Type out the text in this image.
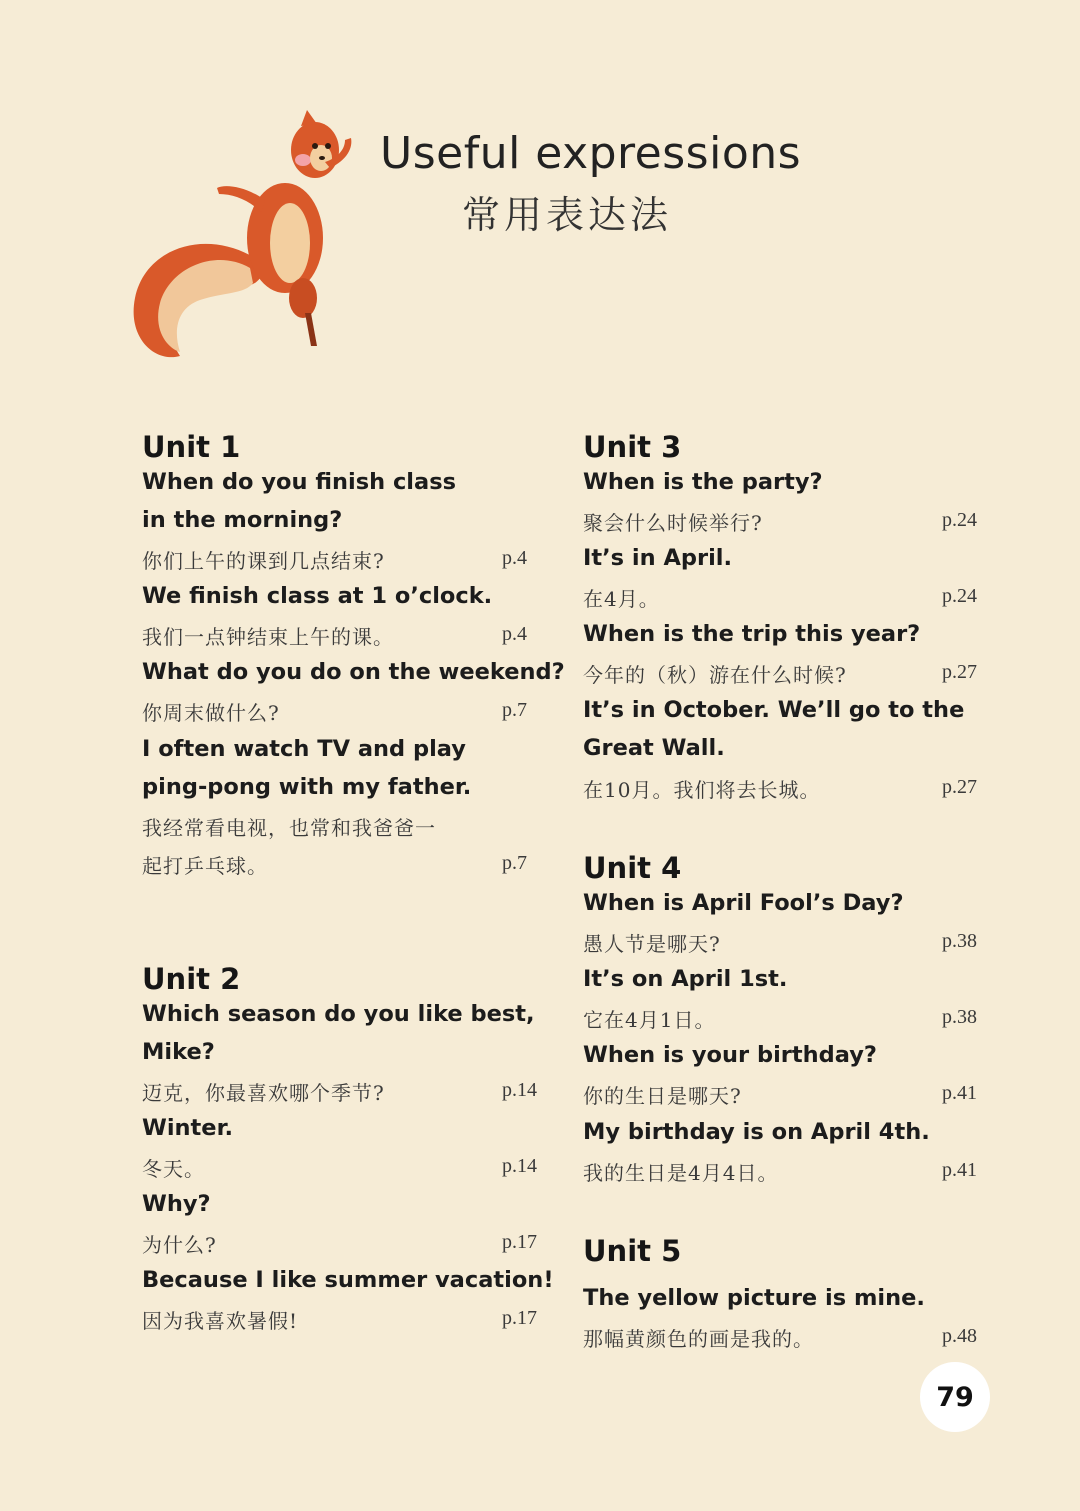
Useful expressions
常用表达法
Unit 1
When do you finish class
in the morning?
你们上午的课到几点结束?	p.4
We finish class at 1 o’clock.
我们一点钟结束上午的课。	p.4
What do you do on the weekend?
你周末做什么?	p.7
I often watch TV and play
ping-pong with my father.
我经常看电视，也常和我爸爸一
起打乒乓球。	p.7
Unit 2
Which season do you like best,
Mike?
迈克，你最喜欢哪个季节?	p.14
Winter.
冬天。	p.14
Why?
为什么?	p.17
Because I like summer vacation!
因为我喜欢暑假!	p.17
Unit 3
When is the party?
聚会什么时候举行?	p.24
It’s in April.
在4月。	p.24
When is the trip this year?
今年的（秋）游在什么时候?	p.27
It’s in October. We’ll go to the
Great Wall.
在10月。我们将去长城。	p.27
Unit 4
When is April Fool’s Day?
愚人节是哪天?	p.38
It’s on April 1st.
它在4月1日。	p.38
When is your birthday?
你的生日是哪天?	p.41
My birthday is on April 4th.
我的生日是4月4日。	p.41
Unit 5
The yellow picture is mine.
那幅黄颜色的画是我的。	p.48
79
